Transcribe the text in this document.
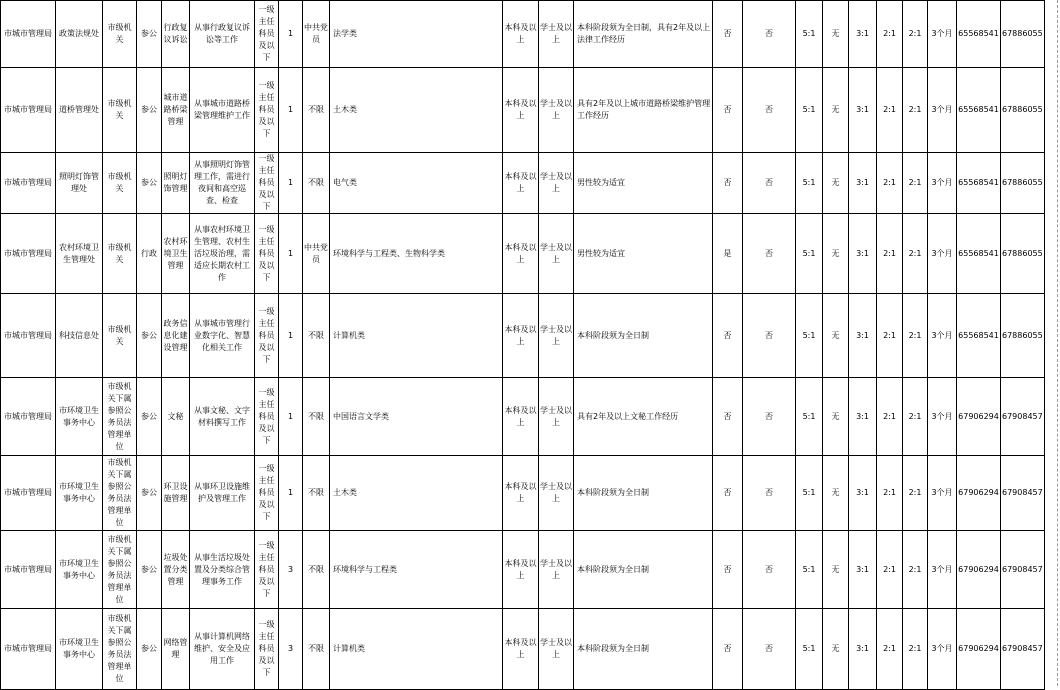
市城市管理局	政策法规处	市级机关	参公	行政复议诉讼	从事行政复议诉讼等工作	一级主任科员及以下	1	中共党员	法学类	本科及以上	学士及以上	本科阶段须为全日制，具有2年及以上法律工作经历	否	否	5:1	无	3:1	2:1	2:1	3个月	65568541	67886055
市城市管理局	道桥管理处	市级机关	参公	城市道路桥梁管理	从事城市道路桥梁管理维护工作	一级主任科员及以下	1	不限	土木类	本科及以上	学士及以上	具有2年及以上城市道路桥梁维护管理工作经历	否	否	5:1	无	3:1	2:1	2:1	3个月	65568541	67886055
市城市管理局	照明灯饰管理处	市级机关	参公	照明灯饰管理	从事照明灯饰管理工作，需进行夜间和高空巡查、检查	一级主任科员及以下	1	不限	电气类	本科及以上	学士及以上	男性较为适宜	否	否	5:1	无	3:1	2:1	2:1	3个月	65568541	67886055
市城市管理局	农村环境卫生管理处	市级机关	行政	农村环境卫生管理	从事农村环境卫生管理、农村生活垃圾治理，需适应长期农村工作	一级主任科员及以下	1	中共党员	环境科学与工程类、生物科学类	本科及以上	学士及以上	男性较为适宜	是	否	5:1	无	3:1	2:1	2:1	3个月	65568541	67886055
市城市管理局	科技信息处	市级机关	参公	政务信息化建设管理	从事城市管理行业数字化、智慧化相关工作	一级主任科员及以下	1	不限	计算机类	本科及以上	学士及以上	本科阶段须为全日制	否	否	5:1	无	3:1	2:1	2:1	3个月	65568541	67886055
市城市管理局	市环境卫生事务中心	市级机关下属参照公务员法管理单位	参公	文秘	从事文秘、文字材料撰写工作	一级主任科员及以下	1	不限	中国语言文学类	本科及以上	学士及以上	具有2年及以上文秘工作经历	否	否	5:1	无	3:1	2:1	2:1	3个月	67906294	67908457
市城市管理局	市环境卫生事务中心	市级机关下属参照公务员法管理单位	参公	环卫设施管理	从事环卫设施维护及管理工作	一级主任科员及以下	1	不限	土木类	本科及以上	学士及以上	本科阶段须为全日制	否	否	5:1	无	3:1	2:1	2:1	3个月	67906294	67908457
市城市管理局	市环境卫生事务中心	市级机关下属参照公务员法管理单位	参公	垃圾处置分类管理	从事生活垃圾处置及分类综合管理事务工作	一级主任科员及以下	3	不限	环境科学与工程类	本科及以上	学士及以上	本科阶段须为全日制	否	否	5:1	无	3:1	2:1	2:1	3个月	67906294	67908457
市城市管理局	市环境卫生事务中心	市级机关下属参照公务员法管理单位	参公	网络管理	从事计算机网络维护、安全及应用工作	一级主任科员及以下	3	不限	计算机类	本科及以上	学士及以上	本科阶段须为全日制	否	否	5:1	无	3:1	2:1	2:1	3个月	67906294	67908457
